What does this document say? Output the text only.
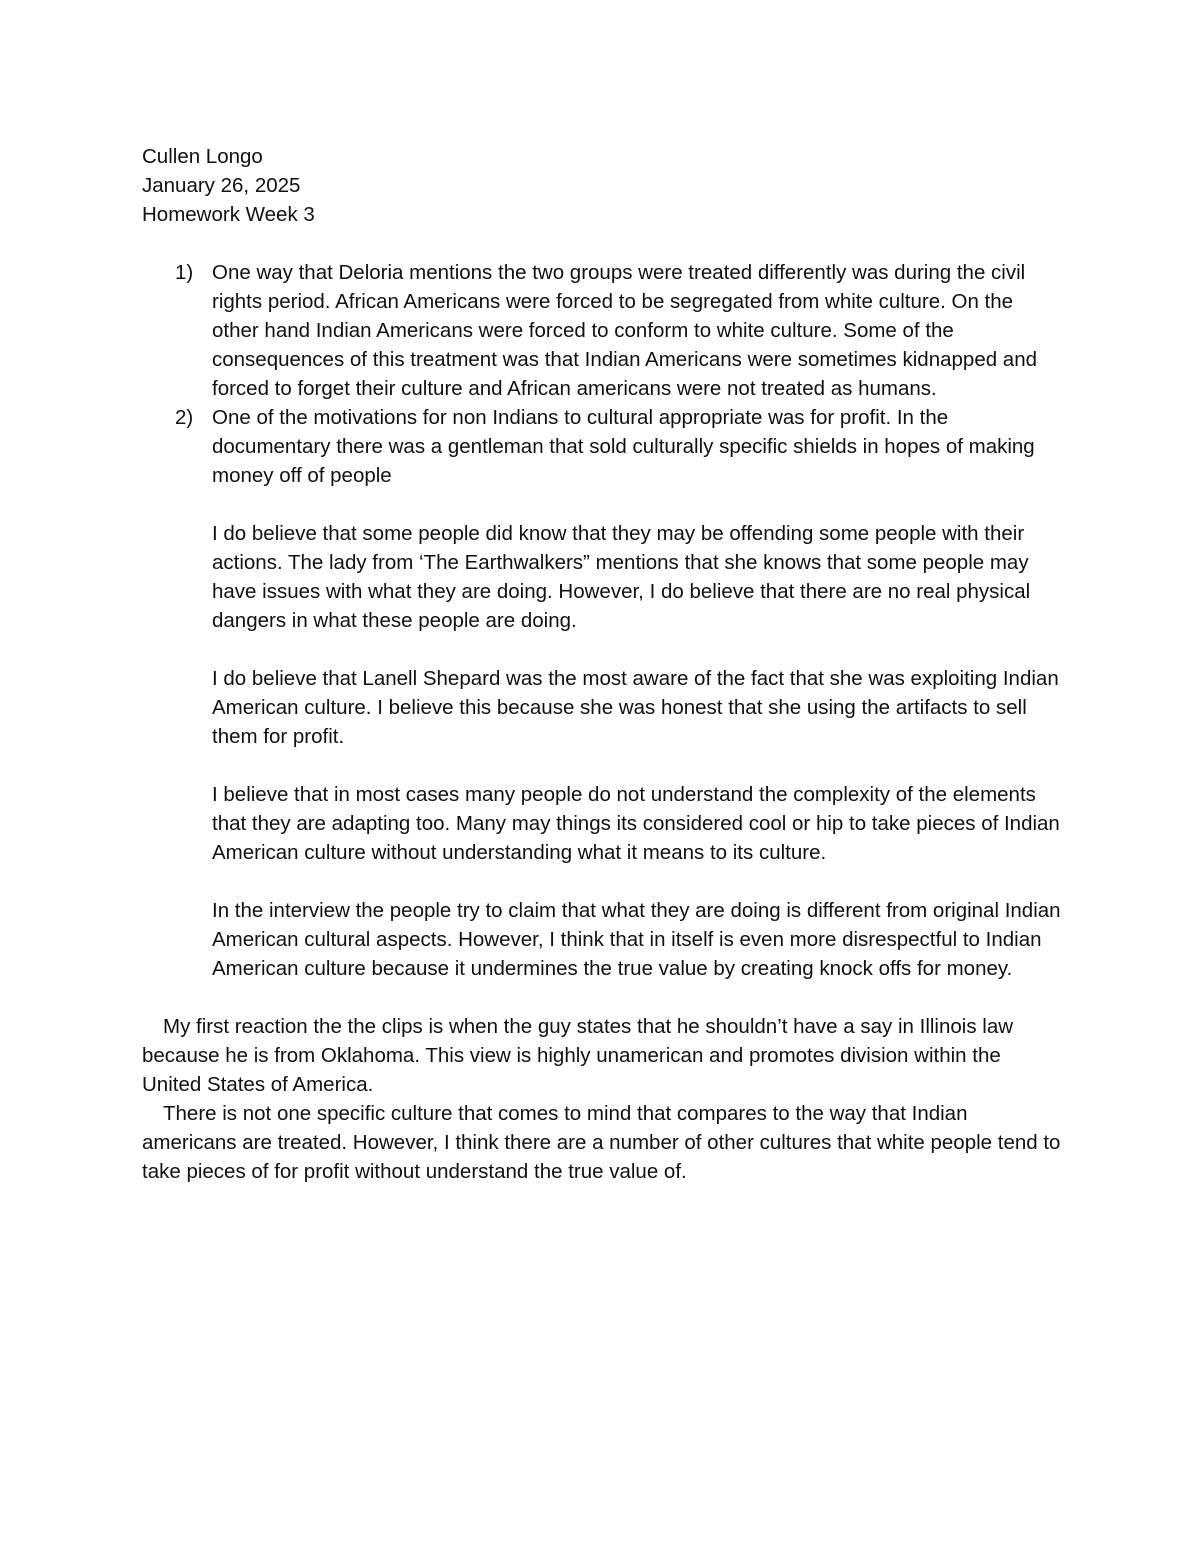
Cullen Longo

January 26, 2025

Homework Week 3

1) One way that Deloria mentions the two groups were treated differently was during the civil rights period. African Americans were forced to be segregated from white culture. On the other hand Indian Americans were forced to conform to white culture. Some of the consequences of this treatment was that Indian Americans were sometimes kidnapped and forced to forget their culture and African americans were not treated as humans.

2) One of the motivations for non Indians to cultural appropriate was for profit. In the documentary there was a gentleman that sold culturally specific shields in hopes of making money off of people

I do believe that some people did know that they may be offending some people with their actions. The lady from ‘The Earthwalkers” mentions that she knows that some people may have issues with what they are doing. However, I do believe that there are no real physical dangers in what these people are doing.

I do believe that Lanell Shepard was the most aware of the fact that she was exploiting Indian American culture. I believe this because she was honest that she using the artifacts to sell them for profit.

I believe that in most cases many people do not understand the complexity of the elements that they are adapting too. Many may things its considered cool or hip to take pieces of Indian American culture without understanding what it means to its culture.

In the interview the people try to claim that what they are doing is different from original Indian American cultural aspects. However, I think that in itself is even more disrespectful to Indian American culture because it undermines the true value by creating knock offs for money.

My first reaction the the clips is when the guy states that he shouldn’t have a say in Illinois law because he is from Oklahoma. This view is highly unamerican and promotes division within the United States of America.

There is not one specific culture that comes to mind that compares to the way that Indian americans are treated. However, I think there are a number of other cultures that white people tend to take pieces of for profit without understand the true value of.
